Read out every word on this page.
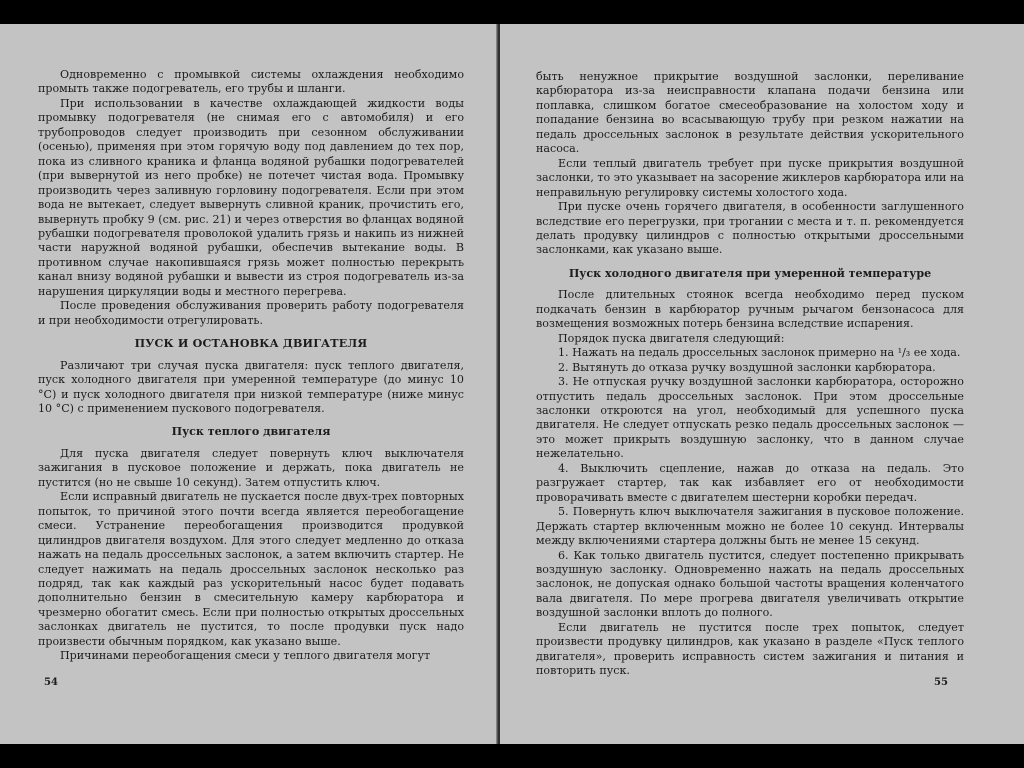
Одновременно с промывкой системы охлаждения необходимо промыть также подогреватель, его трубы и шланги.

При использовании в качестве охлаждающей жидкости воды промывку подогревателя (не снимая его с автомобиля) и его трубопроводов следует производить при сезонном обслуживании (осенью), применяя при этом горячую воду под давлением до тех пор, пока из сливного краника и фланца водяной рубашки подогревателей (при вывернутой из него пробке) не потечет чистая вода. Промывку производить через заливную горловину подогревателя. Если при этом вода не вытекает, следует вывернуть сливной краник, прочистить его, вывернуть пробку 9 (см. рис. 21) и через отверстия во фланцах водяной рубашки подогревателя проволокой удалить грязь и накипь из нижней части наружной водяной рубашки, обеспечив вытекание воды. В противном случае накопившаяся грязь может полностью перекрыть канал внизу водяной рубашки и вывести из строя подогреватель из-за нарушения циркуляции воды и местного перегрева.

После проведения обслуживания проверить работу подогревателя и при необходимости отрегулировать.

ПУСК И ОСТАНОВКА ДВИГАТЕЛЯ

Различают три случая пуска двигателя: пуск теплого двигателя, пуск холодного двигателя при умеренной температуре (до минус 10 °С) и пуск холодного двигателя при низкой температуре (ниже минус 10 °С) с применением пускового подогревателя.

Пуск теплого двигателя

Для пуска двигателя следует повернуть ключ выключателя зажигания в пусковое положение и держать, пока двигатель не пустится (но не свыше 10 секунд). Затем отпустить ключ.

Если исправный двигатель не пускается после двух-трех повторных попыток, то причиной этого почти всегда является переобогащение смеси. Устранение переобогащения производится продувкой цилиндров двигателя воздухом. Для этого следует медленно до отказа нажать на педаль дроссельных заслонок, а затем включить стартер. Не следует нажимать на педаль дроссельных заслонок несколько раз подряд, так как каждый раз ускорительный насос будет подавать дополнительно бензин в смесительную камеру карбюратора и чрезмерно обогатит смесь. Если при полностью открытых дроссельных заслонках двигатель не пустится, то после продувки пуск надо произвести обычным порядком, как указано выше.

Причинами переобогащения смеси у теплого двигателя могут

54

быть ненужное прикрытие воздушной заслонки, переливание карбюратора из-за неисправности клапана подачи бензина или поплавка, слишком богатое смесеобразование на холостом ходу и попадание бензина во всасывающую трубу при резком нажатии на педаль дроссельных заслонок в результате действия ускорительного насоса.

Если теплый двигатель требует при пуске прикрытия воздушной заслонки, то это указывает на засорение жиклеров карбюратора или на неправильную регулировку системы холостого хода.

При пуске очень горячего двигателя, в особенности заглушенного вследствие его перегрузки, при трогании с места и т. п. рекомендуется делать продувку цилиндров с полностью открытыми дроссельными заслонками, как указано выше.

Пуск холодного двигателя при умеренной температуре

После длительных стоянок всегда необходимо перед пуском подкачать бензин в карбюратор ручным рычагом бензонасоса для возмещения возможных потерь бензина вследствие испарения.

Порядок пуска двигателя следующий:

1. Нажать на педаль дроссельных заслонок примерно на ¹/₃ ее хода.

2. Вытянуть до отказа ручку воздушной заслонки карбюратора.

3. Не отпуская ручку воздушной заслонки карбюратора, осторожно отпустить педаль дроссельных заслонок. При этом дроссельные заслонки откроются на угол, необходимый для успешного пуска двигателя. Не следует отпускать резко педаль дроссельных заслонок — это может прикрыть воздушную заслонку, что в данном случае нежелательно.

4. Выключить сцепление, нажав до отказа на педаль. Это разгружает стартер, так как избавляет его от необходимости проворачивать вместе с двигателем шестерни коробки передач.

5. Повернуть ключ выключателя зажигания в пусковое положение. Держать стартер включенным можно не более 10 секунд. Интервалы между включениями стартера должны быть не менее 15 секунд.

6. Как только двигатель пустится, следует постепенно прикрывать воздушную заслонку. Одновременно нажать на педаль дроссельных заслонок, не допуская однако большой частоты вращения коленчатого вала двигателя. По мере прогрева двигателя увеличивать открытие воздушной заслонки вплоть до полного.

Если двигатель не пустится после трех попыток, следует произвести продувку цилиндров, как указано в разделе «Пуск теплого двигателя», проверить исправность систем зажигания и питания и повторить пуск.

55
